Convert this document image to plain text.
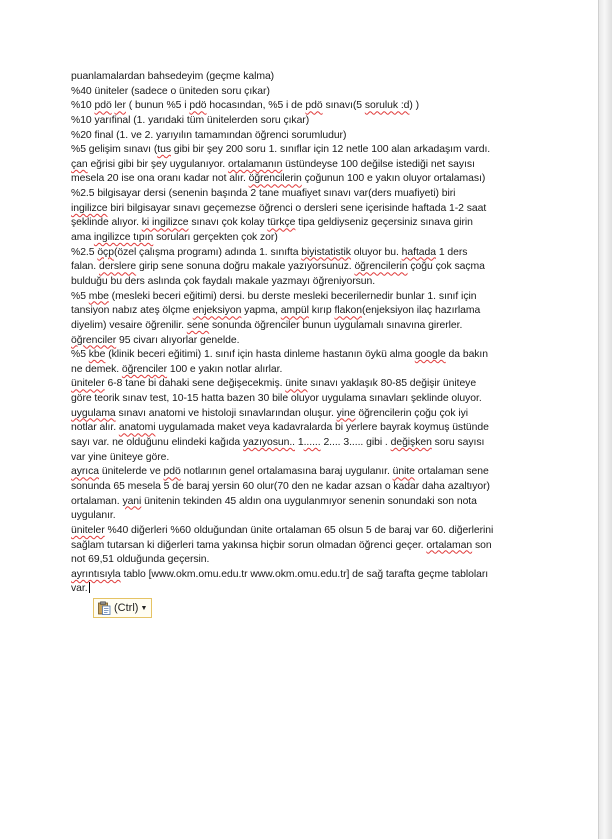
puanlamalardan bahsedeyim (geçme kalma)
%40 üniteler (sadece o üniteden soru çıkar)
%10 pdö ler ( bunun %5 i pdö hocasından, %5 i de pdö sınavı(5 soruluk :d) )
%10 yarıfinal (1. yarıdaki tüm ünitelerden soru çıkar)
%20 final (1. ve 2. yarıyılın tamamından öğrenci sorumludur)
%5 gelişim sınavı (tus gibi bir şey 200 soru 1. sınıflar için 12 netle 100 alan arkadaşım vardı.
çan eğrisi gibi bir şey uygulanıyor. ortalamanın üstündeyse 100 değilse istediği net sayısı
mesela 20 ise ona oranı kadar not alır. öğrencilerin çoğunun 100 e yakın oluyor ortalaması)
%2.5 bilgisayar dersi (senenin başında 2 tane muafiyet sınavı var(ders muafiyeti) biri
ingilizce biri bilgisayar sınavı geçemezse öğrenci o dersleri sene içerisinde haftada 1-2 saat
şeklinde alıyor. ki ingilizce sınavı çok kolay türkçe tipa geldiyseniz geçersiniz sınava girin
ama ingilizce tıpın soruları gerçekten çok zor)
%2.5 öçp(özel çalışma programı) adında 1. sınıfta biyistatistik oluyor bu. haftada 1 ders
falan. derslere girip sene sonuna doğru makale yazıyorsunuz. öğrencilerin çoğu çok saçma
bulduğu bu ders aslında çok faydalı makale yazmayı öğreniyorsun.
%5 mbe (mesleki beceri eğitimi) dersi. bu derste mesleki becerilernedir bunlar 1. sınıf için
tansiyon nabız ateş ölçme enjeksiyon yapma, ampül kırıp flakon(enjeksiyon ilaç hazırlama
diyelim) vesaire öğrenilir. sene sonunda öğrenciler bunun uygulamalı sınavına girerler.
öğrenciler 95 civarı alıyorlar genelde.
%5 kbe (klinik beceri eğitimi) 1. sınıf için hasta dinleme hastanın öykü alma google da bakın
ne demek. öğrenciler 100 e yakın notlar alırlar.
üniteler 6-8 tane bi dahaki sene değişecekmiş. ünite sınavı yaklaşık 80-85 değişir üniteye
göre teorik sınav test, 10-15 hatta bazen 30 bile oluyor uygulama sınavları şeklinde oluyor.
uygulama sınavı anatomi ve histoloji sınavlarından oluşur. yine öğrencilerin çoğu çok iyi
notlar alır. anatomi uygulamada maket veya kadavralarda bi yerlere bayrak koymuş üstünde
sayı var. ne olduğunu elindeki kağıda yazıyosun.. 1...... 2.... 3..... gibi . değişken soru sayısı
var yine üniteye göre.
ayrıca ünitelerde ve pdö notlarının genel ortalamasına baraj uygulanır. ünite ortalaman sene
sonunda 65 mesela 5 de baraj yersin 60 olur(70 den ne kadar azsan o kadar daha azaltıyor)
ortalaman. yani ünitenin tekinden 45 aldın ona uygulanmıyor senenin sonundaki son nota
uygulanır.
üniteler %40 diğerleri %60 olduğundan ünite ortalaman 65 olsun 5 de baraj var 60. diğerlerini
sağlam tutarsan ki diğerleri tama yakınsa hiçbir sorun olmadan öğrenci geçer. ortalaman son
not 69,51 olduğunda geçersin.
ayrıntısıyla tablo [www.okm.omu.edu.tr www.okm.omu.edu.tr] de sağ tarafta geçme tabloları
var.
(Ctrl) ▼
